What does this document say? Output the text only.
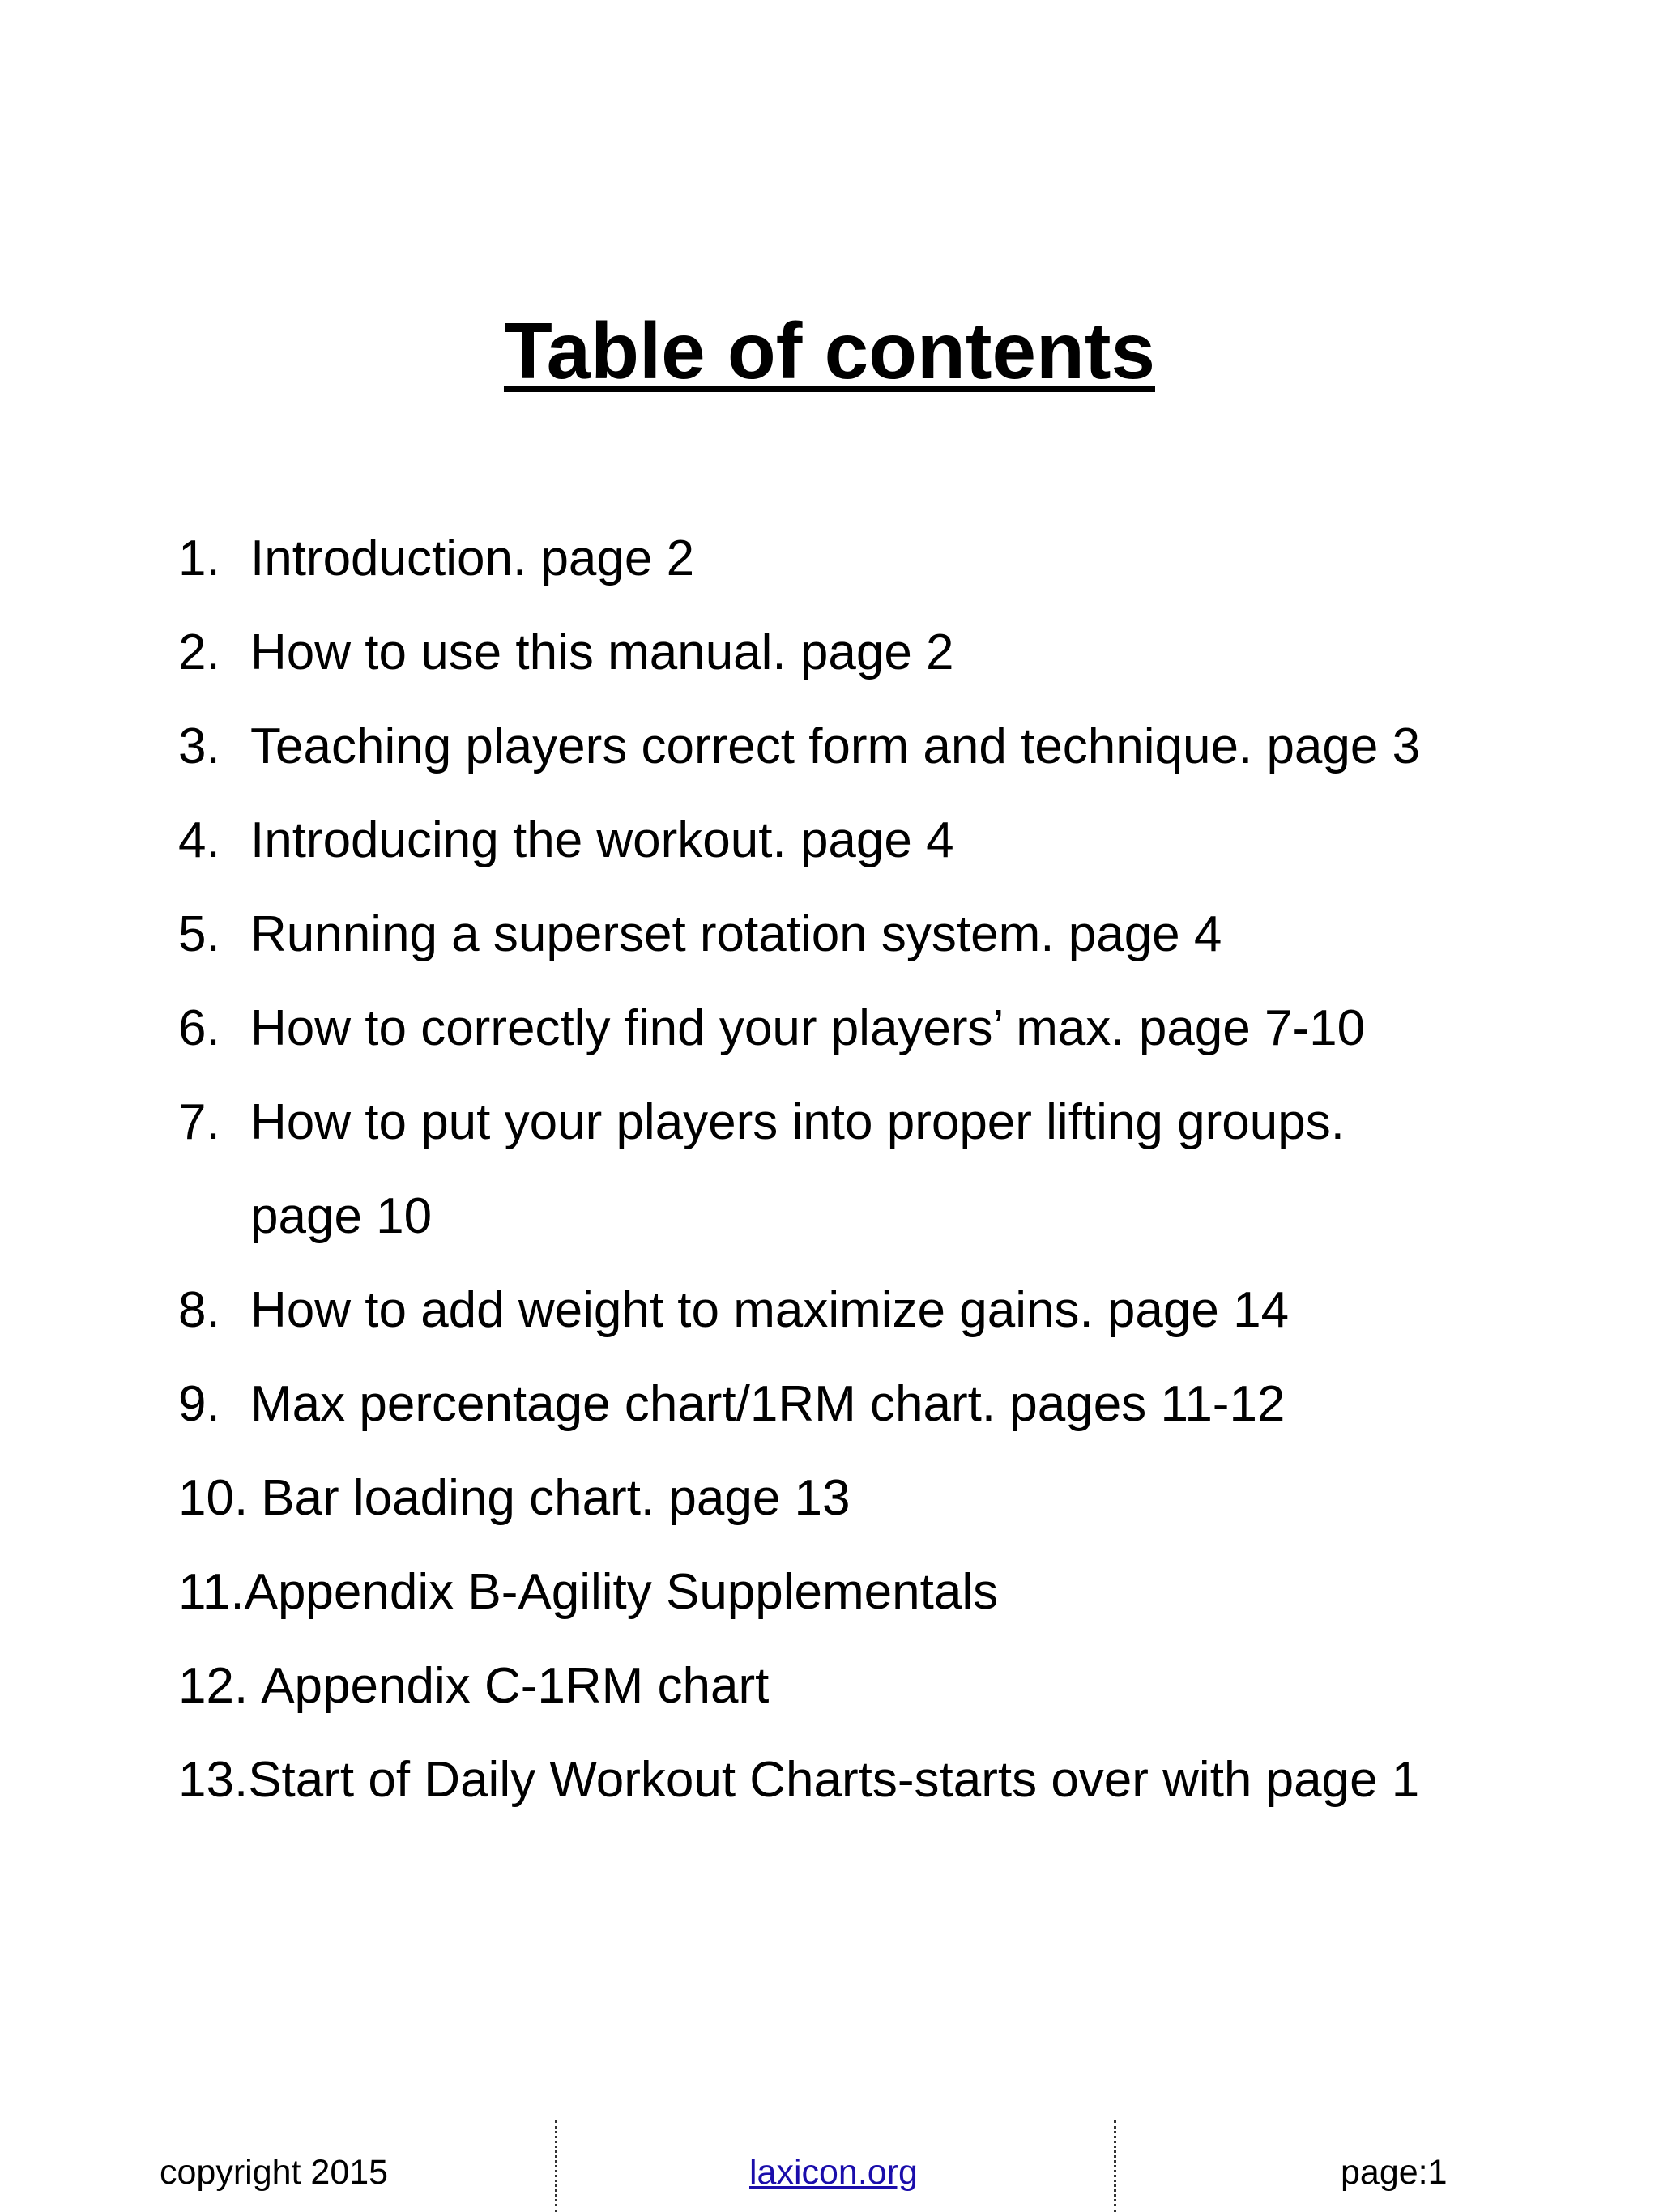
Table of contents
1. Introduction. page 2
2. How to use this manual. page 2
3. Teaching players correct form and technique. page 3
4. Introducing the workout. page 4
5. Running a superset rotation system. page 4
6. How to correctly find your players’ max. page 7-10
7. How to put your players into proper lifting groups.
page 10
8. How to add weight to maximize gains. page 14
9. Max percentage chart/1RM chart. pages 11-12
10. Bar loading chart. page 13
11.Appendix B-Agility Supplementals
12. Appendix C-1RM chart
13.Start of Daily Workout Charts-starts over with page 1
copyright 2015	laxicon.org	page:1
